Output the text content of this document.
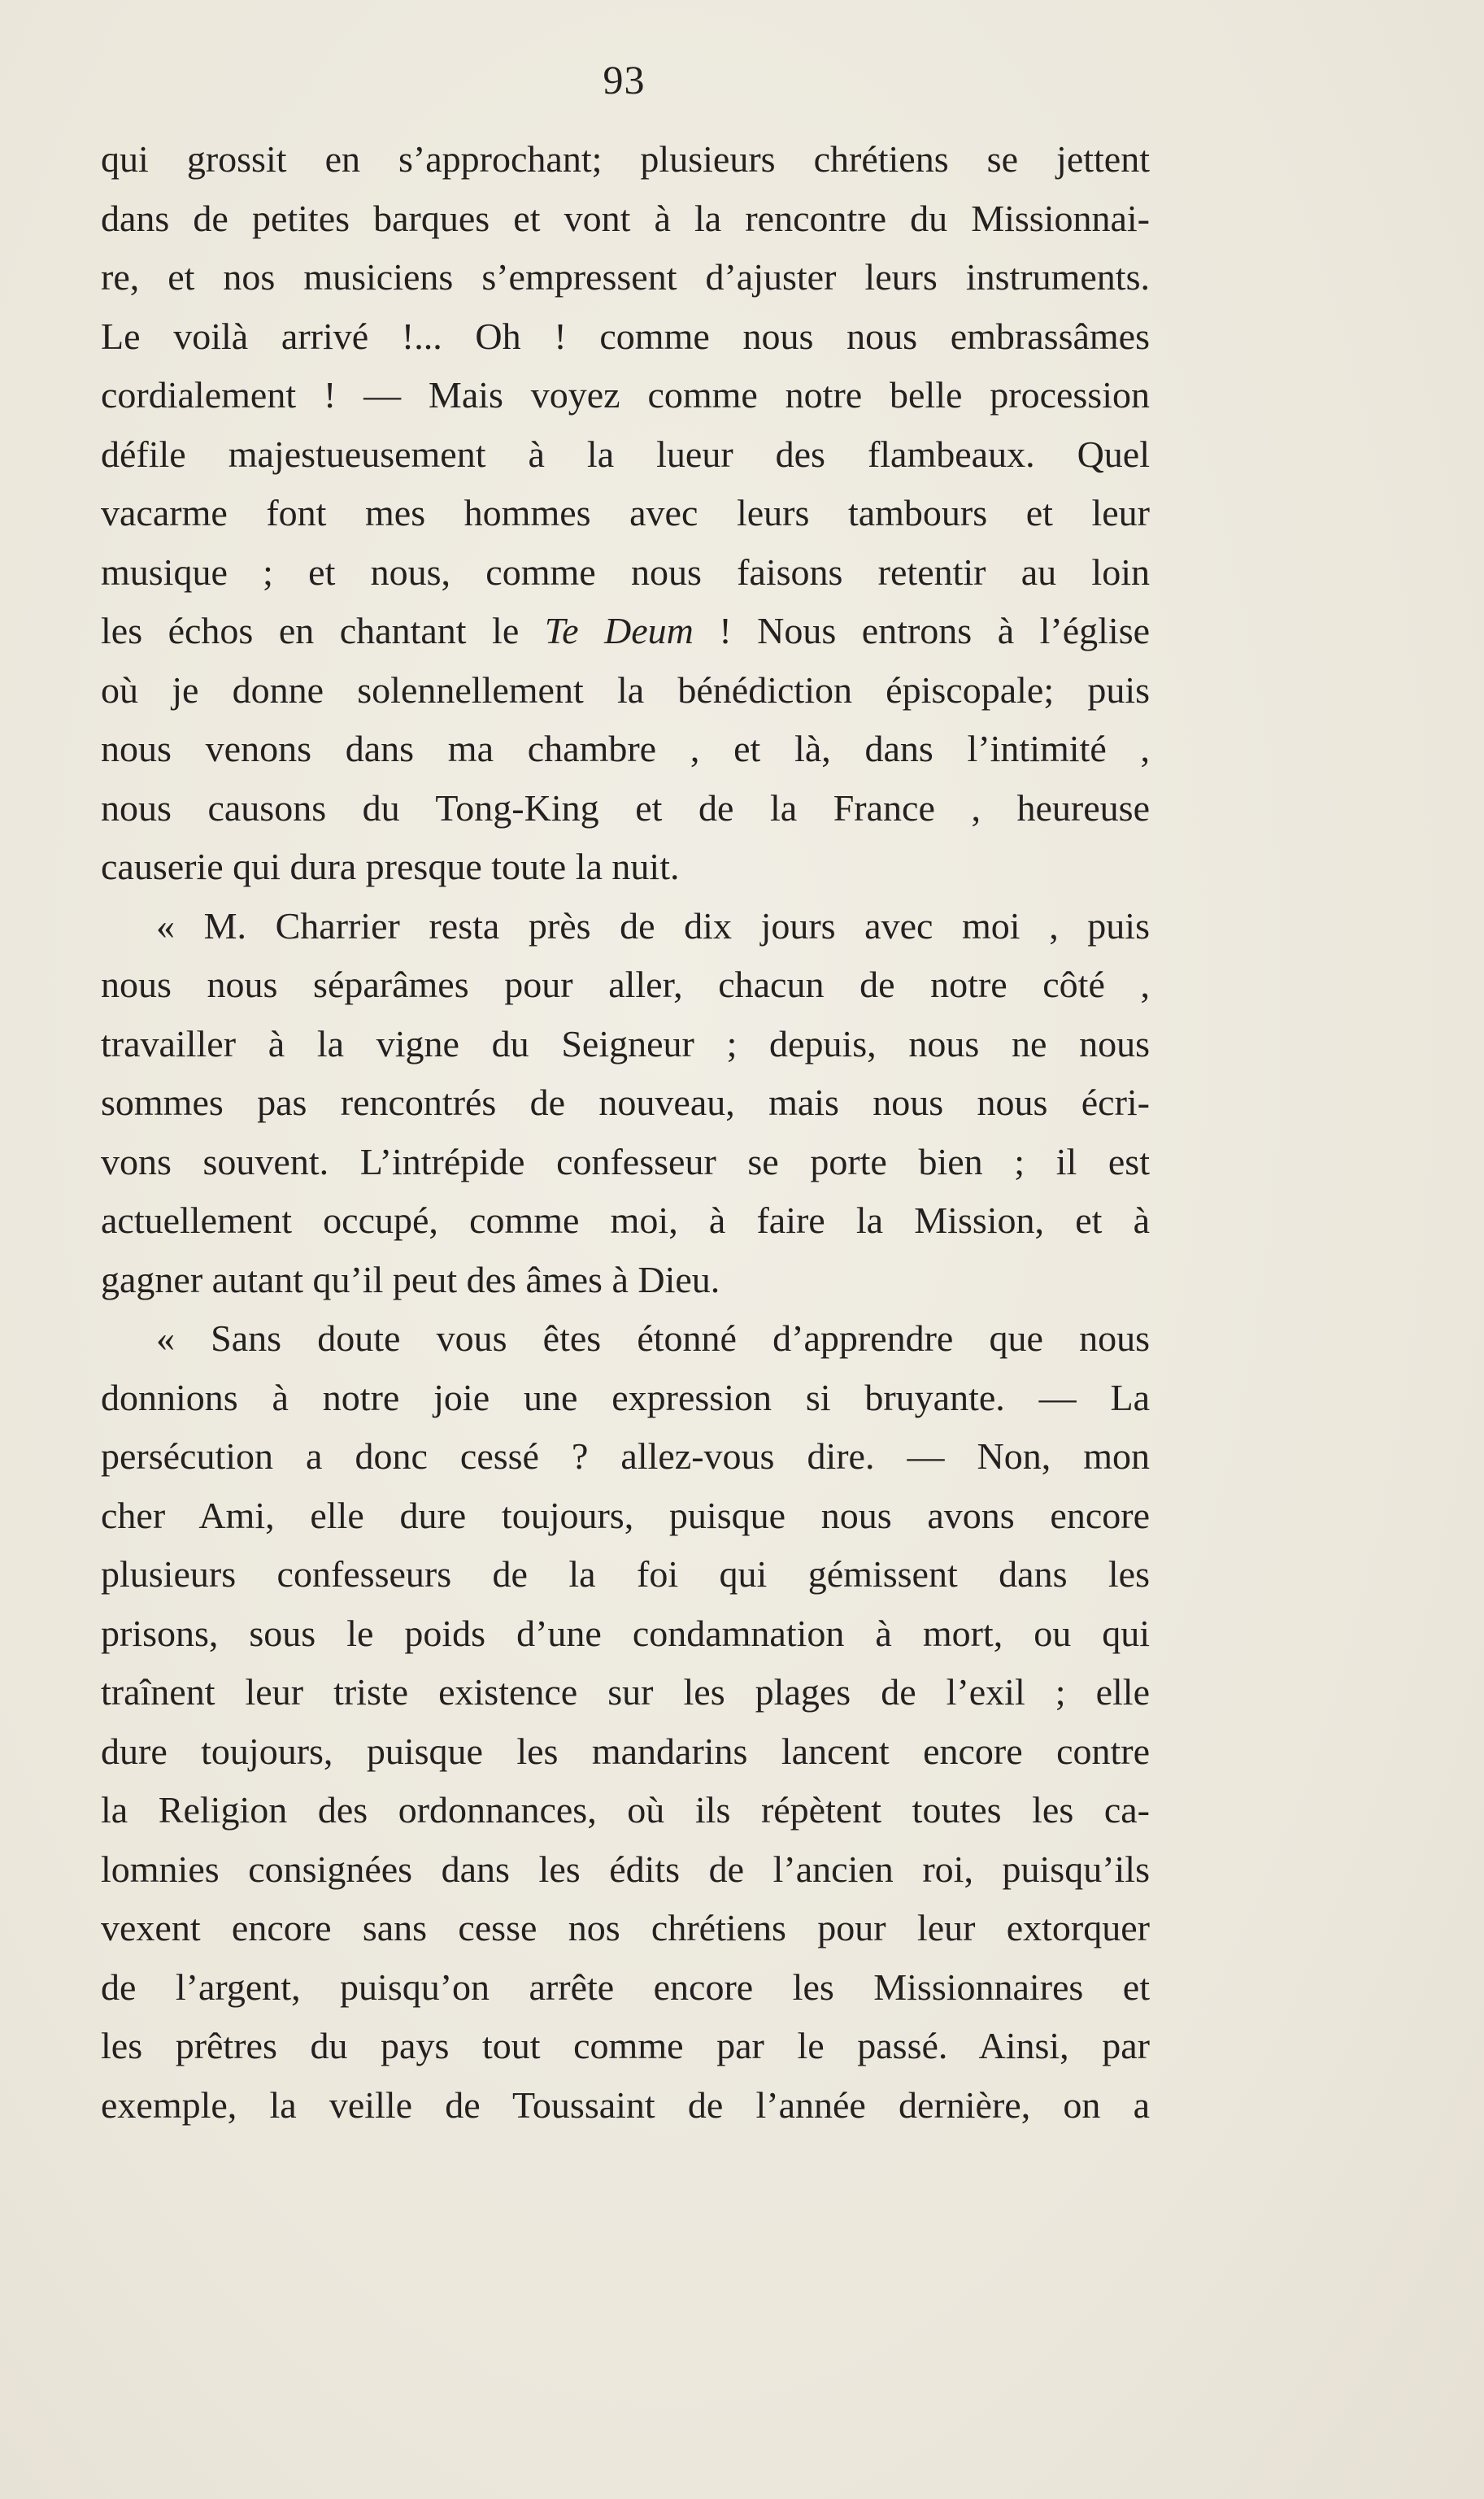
93
qui grossit en s’approchant; plusieurs chrétiens se jettent
dans de petites barques et vont à la rencontre du Missionnai-
re, et nos musiciens s’empressent d’ajuster leurs instruments.
Le voilà arrivé !... Oh ! comme nous nous embrassâmes
cordialement ! — Mais voyez comme notre belle procession
défile majestueusement à la lueur des flambeaux. Quel
vacarme font mes hommes avec leurs tambours et leur
musique ; et nous, comme nous faisons retentir au loin
les échos en chantant le Te Deum ! Nous entrons à l’église
où je donne solennellement la bénédiction épiscopale; puis
nous venons dans ma chambre , et là, dans l’intimité ,
nous causons du Tong-King et de la France , heureuse
causerie qui dura presque toute la nuit.
« M. Charrier resta près de dix jours avec moi , puis
nous nous séparâmes pour aller, chacun de notre côté ,
travailler à la vigne du Seigneur ; depuis, nous ne nous
sommes pas rencontrés de nouveau, mais nous nous écri-
vons souvent. L’intrépide confesseur se porte bien ; il est
actuellement occupé, comme moi, à faire la Mission, et à
gagner autant qu’il peut des âmes à Dieu.
« Sans doute vous êtes étonné d’apprendre que nous
donnions à notre joie une expression si bruyante. — La
persécution a donc cessé ? allez-vous dire. — Non, mon
cher Ami, elle dure toujours, puisque nous avons encore
plusieurs confesseurs de la foi qui gémissent dans les
prisons, sous le poids d’une condamnation à mort, ou qui
traînent leur triste existence sur les plages de l’exil ; elle
dure toujours, puisque les mandarins lancent encore contre
la Religion des ordonnances, où ils répètent toutes les ca-
lomnies consignées dans les édits de l’ancien roi, puisqu’ils
vexent encore sans cesse nos chrétiens pour leur extorquer
de l’argent, puisqu’on arrête encore les Missionnaires et
les prêtres du pays tout comme par le passé. Ainsi, par
exemple, la veille de Toussaint de l’année dernière, on a
